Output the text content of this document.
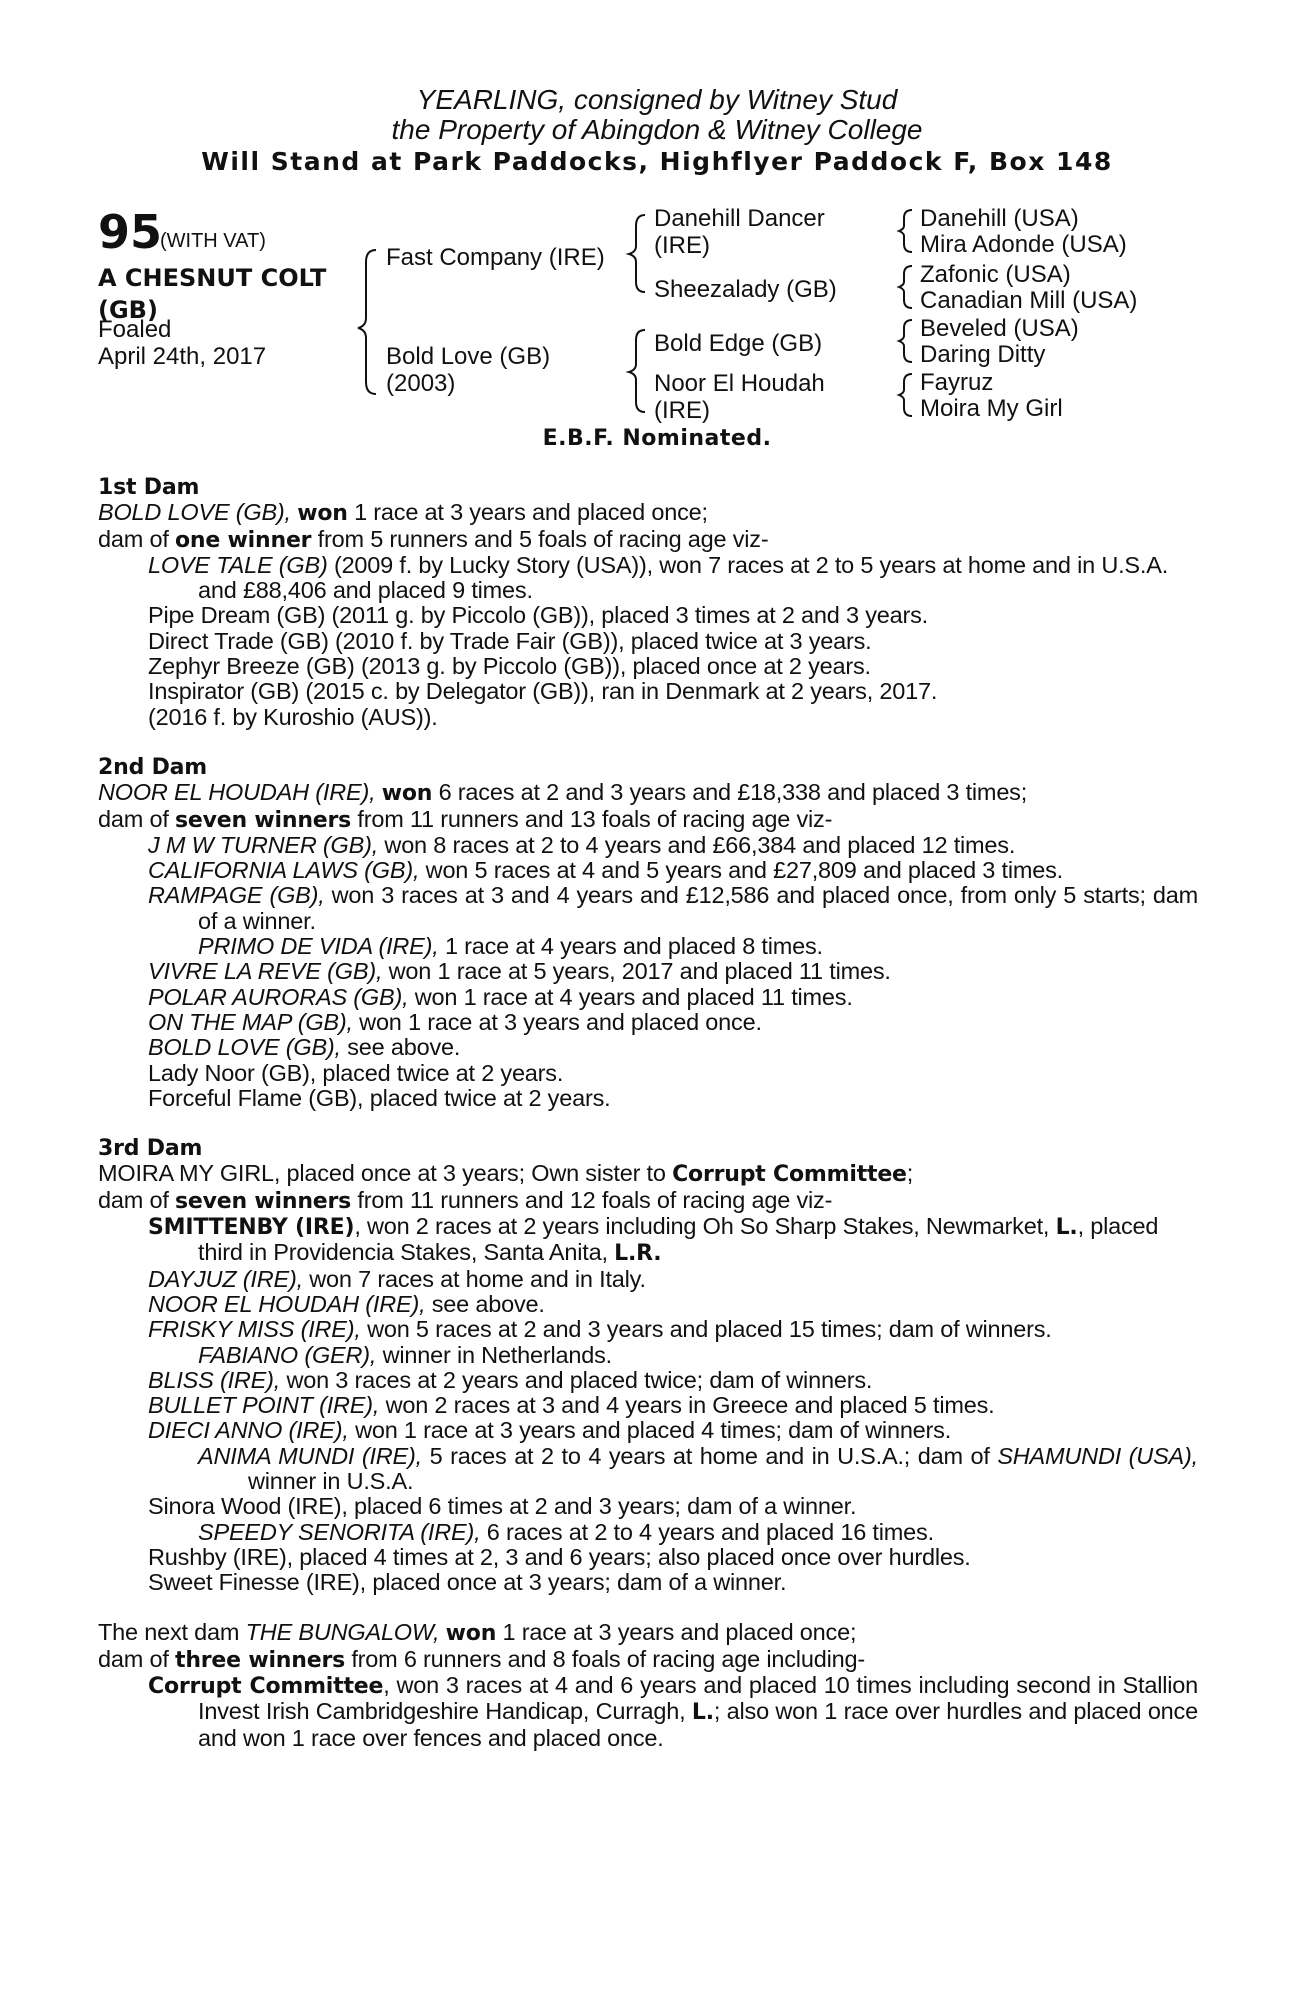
YEARLING, consigned by Witney Stud
the Property of Abingdon & Witney College
Will Stand at Park Paddocks, Highflyer Paddock F, Box 148
95
(WITH VAT)
A CHESNUT COLT
(GB)
Foaled
April 24th, 2017
Fast Company (IRE)
Bold Love (GB)
(2003)
Danehill Dancer
(IRE)
Sheezalady (GB)
Bold Edge (GB)
Noor El Houdah
(IRE)
Danehill (USA)
Mira Adonde (USA)
Zafonic (USA)
Canadian Mill (USA)
Beveled (USA)
Daring Ditty
Fayruz
Moira My Girl
E.B.F. Nominated.
1st Dam
BOLD LOVE (GB), won 1 race at 3 years and placed once;
dam of one winner from 5 runners and 5 foals of racing age viz-
LOVE TALE (GB) (2009 f. by Lucky Story (USA)), won 7 races at 2 to 5 years at home and in U.S.A. and £88,406 and placed 9 times.
Pipe Dream (GB) (2011 g. by Piccolo (GB)), placed 3 times at 2 and 3 years.
Direct Trade (GB) (2010 f. by Trade Fair (GB)), placed twice at 3 years.
Zephyr Breeze (GB) (2013 g. by Piccolo (GB)), placed once at 2 years.
Inspirator (GB) (2015 c. by Delegator (GB)), ran in Denmark at 2 years, 2017.
(2016 f. by Kuroshio (AUS)).
2nd Dam
NOOR EL HOUDAH (IRE), won 6 races at 2 and 3 years and £18,338 and placed 3 times;
dam of seven winners from 11 runners and 13 foals of racing age viz-
J M W TURNER (GB), won 8 races at 2 to 4 years and £66,384 and placed 12 times.
CALIFORNIA LAWS (GB), won 5 races at 4 and 5 years and £27,809 and placed 3 times.
RAMPAGE (GB), won 3 races at 3 and 4 years and £12,586 and placed once, from only 5 starts; dam of a winner.
PRIMO DE VIDA (IRE), 1 race at 4 years and placed 8 times.
VIVRE LA REVE (GB), won 1 race at 5 years, 2017 and placed 11 times.
POLAR AURORAS (GB), won 1 race at 4 years and placed 11 times.
ON THE MAP (GB), won 1 race at 3 years and placed once.
BOLD LOVE (GB), see above.
Lady Noor (GB), placed twice at 2 years.
Forceful Flame (GB), placed twice at 2 years.
3rd Dam
MOIRA MY GIRL, placed once at 3 years; Own sister to Corrupt Committee;
dam of seven winners from 11 runners and 12 foals of racing age viz-
SMITTENBY (IRE), won 2 races at 2 years including Oh So Sharp Stakes, Newmarket, L., placed third in Providencia Stakes, Santa Anita, L.R.
DAYJUZ (IRE), won 7 races at home and in Italy.
NOOR EL HOUDAH (IRE), see above.
FRISKY MISS (IRE), won 5 races at 2 and 3 years and placed 15 times; dam of winners.
FABIANO (GER), winner in Netherlands.
BLISS (IRE), won 3 races at 2 years and placed twice; dam of winners.
BULLET POINT (IRE), won 2 races at 3 and 4 years in Greece and placed 5 times.
DIECI ANNO (IRE), won 1 race at 3 years and placed 4 times; dam of winners.
ANIMA MUNDI (IRE), 5 races at 2 to 4 years at home and in U.S.A.; dam of SHAMUNDI (USA), winner in U.S.A.
Sinora Wood (IRE), placed 6 times at 2 and 3 years; dam of a winner.
SPEEDY SENORITA (IRE), 6 races at 2 to 4 years and placed 16 times.
Rushby (IRE), placed 4 times at 2, 3 and 6 years; also placed once over hurdles.
Sweet Finesse (IRE), placed once at 3 years; dam of a winner.
The next dam THE BUNGALOW, won 1 race at 3 years and placed once;
dam of three winners from 6 runners and 8 foals of racing age including-
Corrupt Committee, won 3 races at 4 and 6 years and placed 10 times including second in Stallion Invest Irish Cambridgeshire Handicap, Curragh, L.; also won 1 race over hurdles and placed once and won 1 race over fences and placed once.
